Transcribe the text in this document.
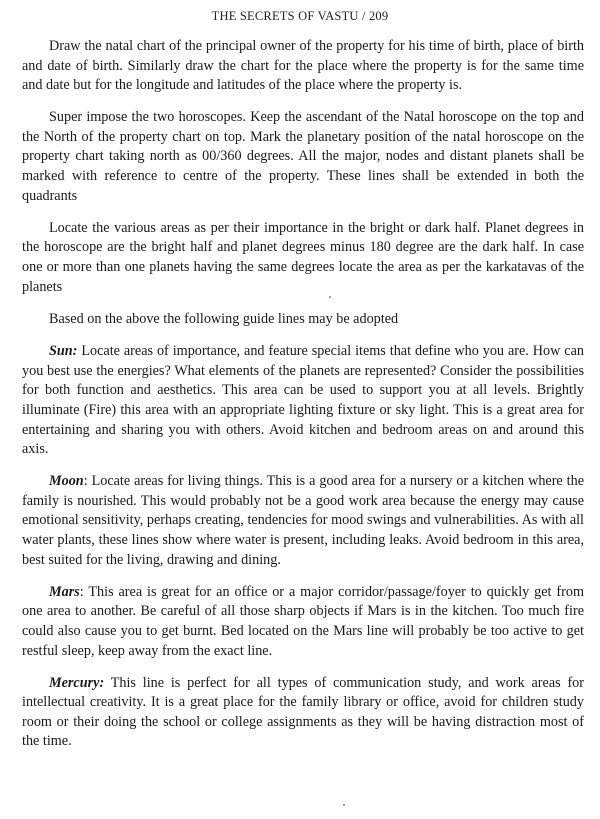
THE SECRETS OF VASTU / 209

Draw the natal chart of the principal owner of the property for his time of birth, place of birth and date of birth. Similarly draw the chart for the place where the property is for the same time and date but for the longitude and latitudes of the place where the property is.

Super impose the two horoscopes. Keep the ascendant of the Natal horoscope on the top and the North of the property chart on top. Mark the planetary position of the natal horoscope on the property chart taking north as 00/360 degrees. All the major, nodes and distant planets shall be marked with reference to centre of the property. These lines shall be extended in both the quadrants

Locate the various areas as per their importance in the bright or dark half. Planet degrees in the horoscope are the bright half and planet degrees minus 180 degree are the dark half. In case one or more than one planets having the same degrees locate the area as per the karkatavas of the planets

Based on the above the following guide lines may be adopted

Sun: Locate areas of importance, and feature special items that define who you are. How can you best use the energies? What elements of the planets are represented? Consider the possibilities for both function and aesthetics. This area can be used to support you at all levels. Brightly illuminate (Fire) this area with an appropriate lighting fixture or sky light. This is a great area for entertaining and sharing you with others. Avoid kitchen and bedroom areas on and around this axis.

Moon: Locate areas for living things. This is a good area for a nursery or a kitchen where the family is nourished. This would probably not be a good work area because the energy may cause emotional sensitivity, perhaps creating, tendencies for mood swings and vulnerabilities. As with all water plants, these lines show where water is present, including leaks. Avoid bedroom in this area, best suited for the living, drawing and dining.

Mars: This area is great for an office or a major corridor/passage/foyer to quickly get from one area to another. Be careful of all those sharp objects if Mars is in the kitchen. Too much fire could also cause you to get burnt. Bed located on the Mars line will probably be too active to get restful sleep, keep away from the exact line.

Mercury: This line is perfect for all types of communication study, and work areas for intellectual creativity. It is a great place for the family library or office, avoid for children study room or their doing the school or college assignments as they will be having distraction most of the time.
